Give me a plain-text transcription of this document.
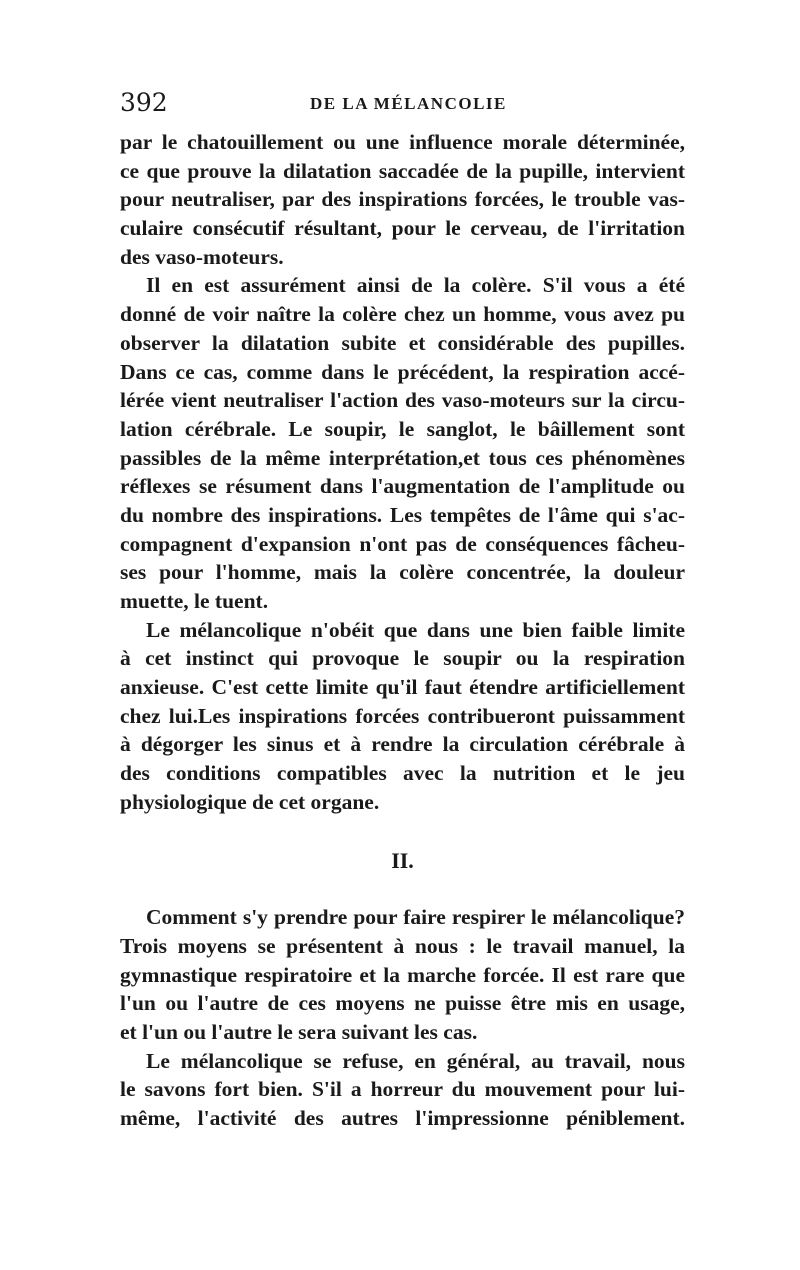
392	DE LA MÉLANCOLIE
par le chatouillement ou une influence morale déterminée,
ce que prouve la dilatation saccadée de la pupille, intervient
pour neutraliser, par des inspirations forcées, le trouble vas-
culaire consécutif résultant, pour le cerveau, de l'irritation
des vaso-moteurs.
Il en est assurément ainsi de la colère. S'il vous a été
donné de voir naître la colère chez un homme, vous avez pu
observer la dilatation subite et considérable des pupilles.
Dans ce cas, comme dans le précédent, la respiration accé-
lérée vient neutraliser l'action des vaso-moteurs sur la circu-
lation cérébrale. Le soupir, le sanglot, le bâillement sont
passibles de la même interprétation,et tous ces phénomènes
réflexes se résument dans l'augmentation de l'amplitude ou
du nombre des inspirations. Les tempêtes de l'âme qui s'ac-
compagnent d'expansion n'ont pas de conséquences fâcheu-
ses pour l'homme, mais la colère concentrée, la douleur
muette, le tuent.
Le mélancolique n'obéit que dans une bien faible limite
à cet instinct qui provoque le soupir ou la respiration
anxieuse. C'est cette limite qu'il faut étendre artificiellement
chez lui.Les inspirations forcées contribueront puissamment
à dégorger les sinus et à rendre la circulation cérébrale à
des conditions compatibles avec la nutrition et le jeu
physiologique de cet organe.
II.
Comment s'y prendre pour faire respirer le mélancolique?
Trois moyens se présentent à nous : le travail manuel, la
gymnastique respiratoire et la marche forcée. Il est rare que
l'un ou l'autre de ces moyens ne puisse être mis en usage,
et l'un ou l'autre le sera suivant les cas.
Le mélancolique se refuse, en général, au travail, nous
le savons fort bien. S'il a horreur du mouvement pour lui-
même, l'activité des autres l'impressionne péniblement.
